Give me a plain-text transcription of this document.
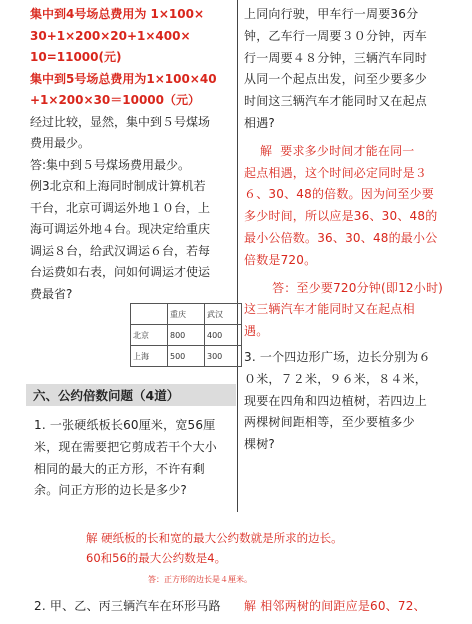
集中到4号场总费用为 1×100×
30+1×200×20+1×400×
10=11000(元)
集中到5号场总费用为1×100×40
+1×200×30＝10000（元）
经过比较，显然，集中到５号煤场
费用最少。
答:集中到５号煤场费用最少。
例3北京和上海同时制成计算机若
干台，北京可调运外地１０台，上
海可调运外地４台。现决定给重庆
调运８台，给武汉调运６台，若每
台运费如右表，问如何调运才使运
费最省?
	重庆	武汉
北京	800	400
上海	500	300
六、公约倍数问题（4道）
1. 一张硬纸板长60厘米，宽56厘
米，现在需要把它剪成若干个大小
相同的最大的正方形，不许有剩
余。问正方形的边长是多少?
上同向行驶，甲车行一周要36分
钟，乙车行一周要３０分钟，丙车
行一周要４８分钟，三辆汽车同时
从同一个起点出发，问至少要多少
时间这三辆汽车才能同时又在起点
相遇?
解  要求多少时间才能在同一
起点相遇，这个时间必定同时是３
６、30、48的倍数。因为问至少要
多少时间，所以应是36、30、48的
最小公倍数。36、30、48的最小公
倍数是720。
答：至少要720分钟(即12小时)
这三辆汽车才能同时又在起点相
遇。
3. 一个四边形广场，边长分别为６
０米，７２米，９６米，８４米，
现要在四角和四边植树，若四边上
两棵树间距相等，至少要植多少
棵树?
解 硬纸板的长和宽的最大公约数就是所求的边长。
60和56的最大公约数是4。
答：正方形的边长是４厘米。
2. 甲、乙、丙三辆汽车在环形马路 解 相邻两树的间距应是60、72、
